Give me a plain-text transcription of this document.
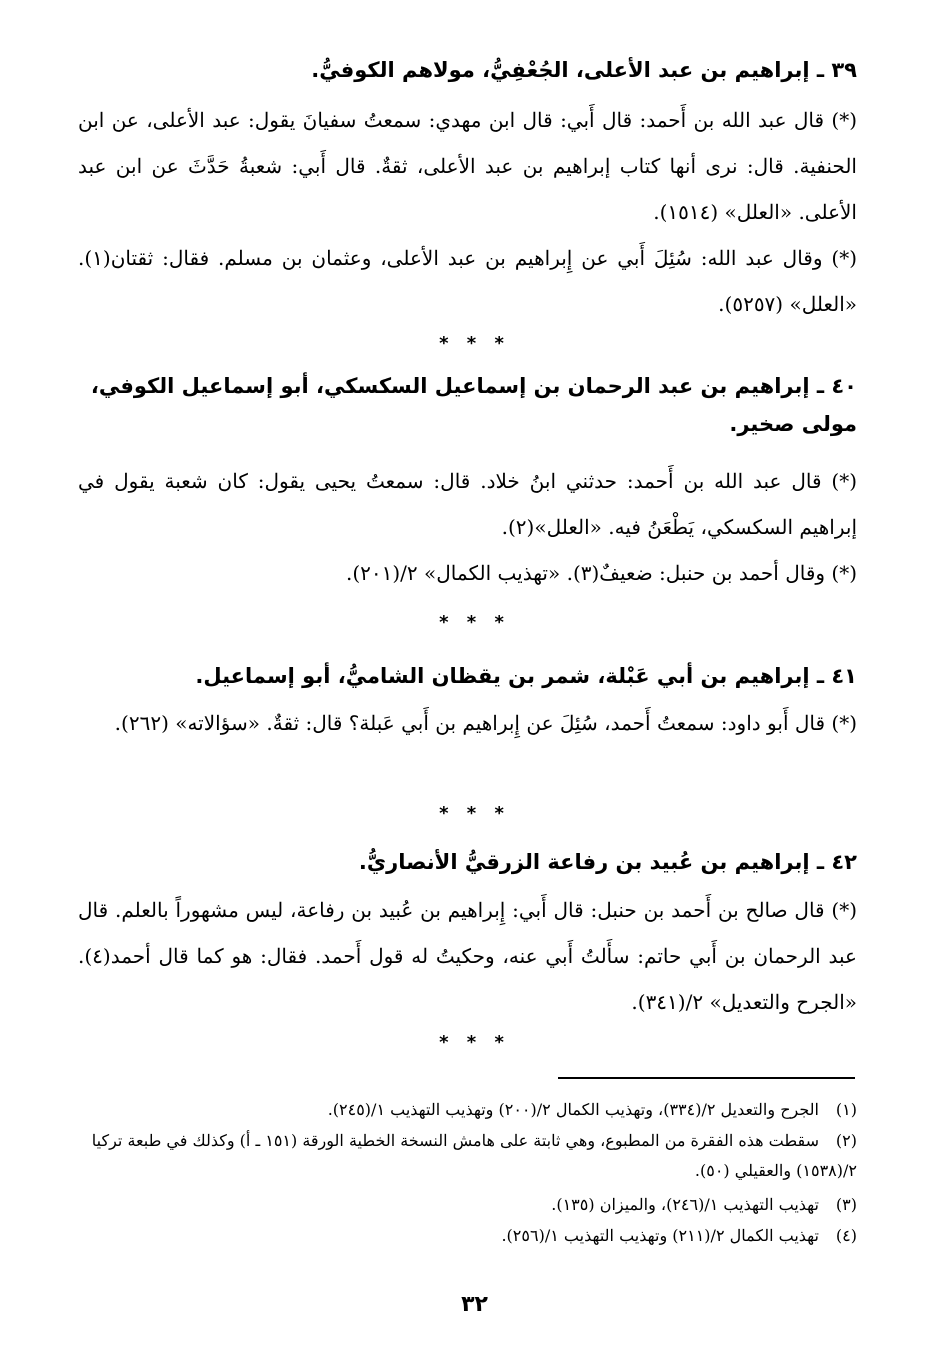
٣٩ ـ إبراهيم بن عبد الأعلى، الجُعْفِيُّ، مولاهم الكوفيُّ.
(*) قال عبد الله بن أَحمد: قال أَبي: قال ابن مهدي: سمعتُ سفيانَ يقول: عبد الأعلى، عن ابن الحنفية. قال: نرى أنها كتاب إبراهيم بن عبد الأعلى، ثقةٌ. قال أَبي: شعبةُ حَدَّثَ عن ابن عبد الأعلى. «العلل» (١٥١٤).
(*) وقال عبد الله: سُئِلَ أَبي عن إِبراهيم بن عبد الأعلى، وعثمان بن مسلم. فقال: ثقتان(١). «العلل» (٥٢٥٧).
* * *
٤٠ ـ إبراهيم بن عبد الرحمان بن إسماعيل السكسكي، أبو إسماعيل الكوفي، مولى صخير.
(*) قال عبد الله بن أَحمد: حدثني ابنُ خلاد. قال: سمعتُ يحيى يقول: كان شعبة يقول في إبراهيم السكسكي، يَطْعَنُ فيه. «العلل»(٢).
(*) وقال أحمد بن حنبل: ضعيفٌ(٣). «تهذيب الكمال» ٢/(٢٠١).
* * *
٤١ ـ إبراهيم بن أبي عَبْلة، شمر بن يقظان الشاميُّ، أبو إسماعيل.
(*) قال أَبو داود: سمعتُ أَحمد، سُئِلَ عن إِبراهيم بن أَبي عَبلة؟ قال: ثقةٌ. «سؤالاته» (٢٦٢).
* * *
٤٢ ـ إبراهيم بن عُبيد بن رفاعة الزرقيُّ الأنصاريُّ.
(*) قال صالح بن أَحمد بن حنبل: قال أَبي: إِبراهيم بن عُبيد بن رفاعة، ليس مشهوراً بالعلم. قال عبد الرحمان بن أَبي حاتم: سأَلتُ أَبي عنه، وحكيتُ له قول أَحمد. فقال: هو كما قال أحمد(٤). «الجرح والتعديل» ٢/(٣٤١).
* * *
(١)الجرح والتعديل ٢/(٣٣٤)، وتهذيب الكمال ٢/(٢٠٠) وتهذيب التهذيب ١/(٢٤٥).
(٢)سقطت هذه الفقرة من المطبوع، وهي ثابتة على هامش النسخة الخطية الورقة (١٥١ ـ أ) وكذلك في طبعة تركيا ٢/(١٥٣٨) والعقيلي (٥٠).
(٣)تهذيب التهذيب ١/(٢٤٦)، والميزان (١٣٥).
(٤)تهذيب الكمال ٢/(٢١١) وتهذيب التهذيب ١/(٢٥٦).
٣٢
